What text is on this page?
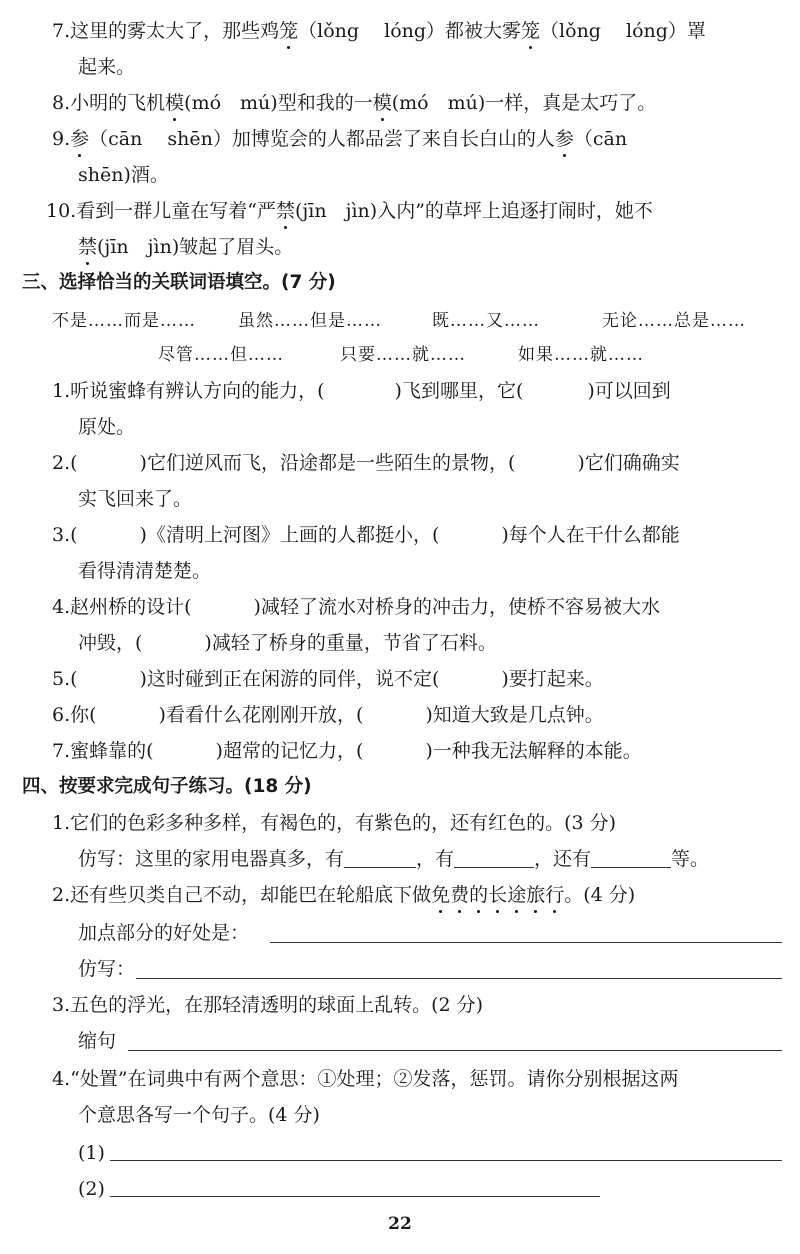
7.这里的雾太大了，那些鸡笼（lǒng　 lóng）都被大雾笼（lǒng　 lóng）罩
起来。
8.小明的飞机模(mó　mú)型和我的一模(mó　mú)一样，真是太巧了。
9.参（cān　 shēn）加博览会的人都品尝了来自长白山的人参（cān
shēn)酒。
10.看到一群儿童在写着“严禁(jīn　jìn)入内”的草坪上追逐打闹时，她不
禁(jīn　jìn)皱起了眉头。
三、选择恰当的关联词语填空。(7 分)
不是……而是…… 虽然……但是……	既……又……	无论……总是……
尽管……但……	只要……就……	如果……就……
1.听说蜜蜂有辨认方向的能力，(	)飞到哪里，它(	)可以回到
原处。
2.(	)它们逆风而飞，沿途都是一些陌生的景物，(	)它们确确实
实飞回来了。
3.(	)《清明上河图》上画的人都挺小，(	)每个人在干什么都能
看得清清楚楚。
4.赵州桥的设计(	)减轻了流水对桥身的冲击力，使桥不容易被大水
冲毁，(	)减轻了桥身的重量，节省了石料。
5.(	)这时碰到正在闲游的同伴，说不定(	)要打起来。
6.你(	)看看什么花刚刚开放，(	)知道大致是几点钟。
7.蜜蜂靠的(	)超常的记忆力，(	)一种我无法解释的本能。
四、按要求完成句子练习。(18 分)
1.它们的色彩多种多样，有褐色的，有紫色的，还有红色的。(3 分)
仿写：这里的家用电器真多，有	，有	，还有	等。
2.还有些贝类自己不动，却能巴在轮船底下做免费的长途旅行。(4 分)
加点部分的好处是：
仿写：
3.五色的浮光，在那轻清透明的球面上乱转。(2 分)
缩句
4.“处置”在词典中有两个意思：①处理；②发落，惩罚。请你分别根据这两
个意思各写一个句子。(4 分)
(1)
(2)
22
